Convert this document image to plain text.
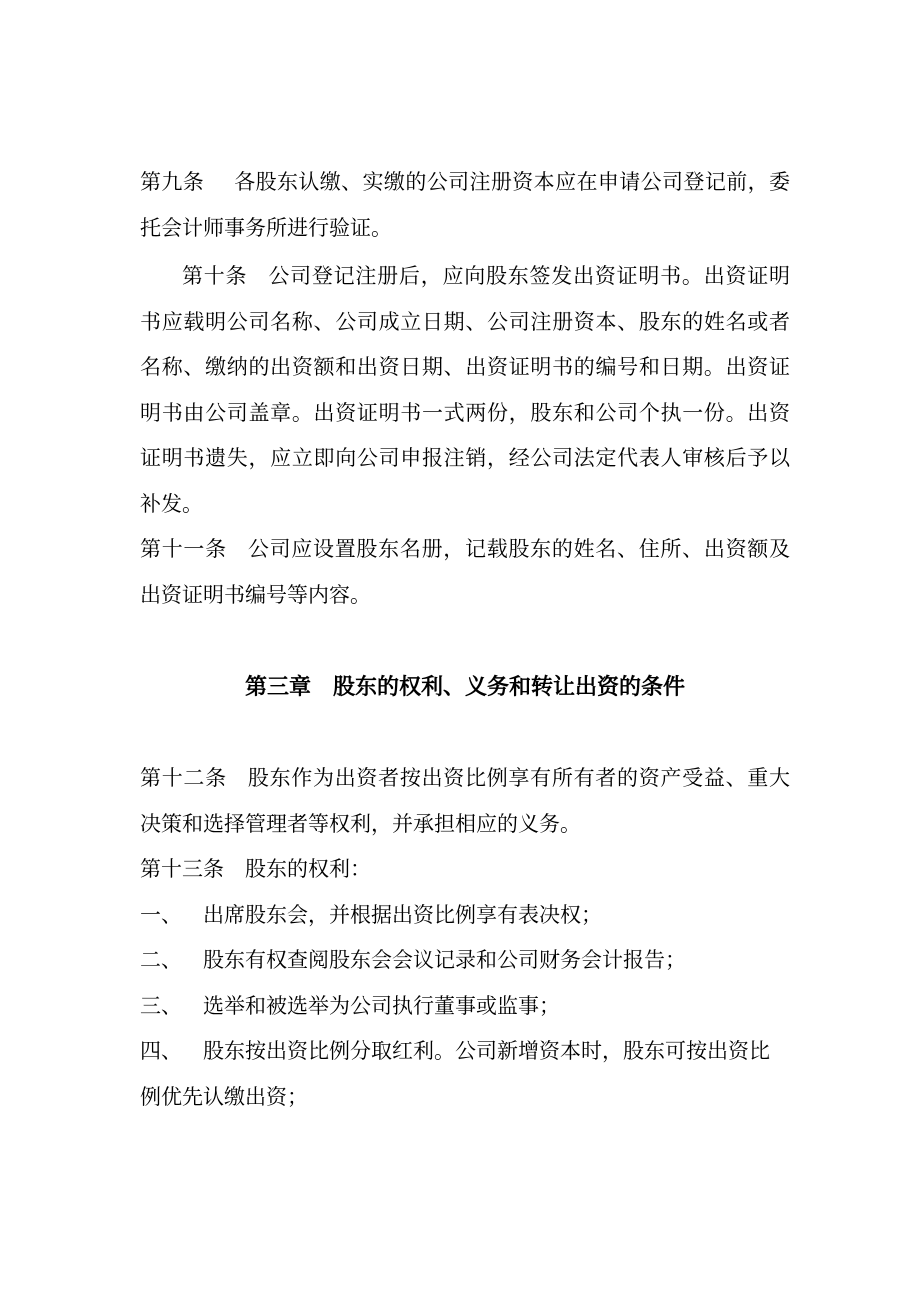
第九条 各股东认缴、实缴的公司注册资本应在申请公司登记前，委托会计师事务所进行验证。

第十条 公司登记注册后，应向股东签发出资证明书。出资证明书应载明公司名称、公司成立日期、公司注册资本、股东的姓名或者名称、缴纳的出资额和出资日期、出资证明书的编号和日期。出资证明书由公司盖章。出资证明书一式两份，股东和公司个执一份。出资证明书遗失，应立即向公司申报注销，经公司法定代表人审核后予以补发。

第十一条 公司应设置股东名册，记载股东的姓名、住所、出资额及出资证明书编号等内容。

第三章　股东的权利、义务和转让出资的条件

第十二条 股东作为出资者按出资比例享有所有者的资产受益、重大决策和选择管理者等权利，并承担相应的义务。

第十三条 股东的权利：

一、	出席股东会，并根据出资比例享有表决权；
二、	股东有权查阅股东会会议记录和公司财务会计报告；
三、	选举和被选举为公司执行董事或监事；
四、 股东按出资比例分取红利。公司新增资本时，股东可按出资比例优先认缴出资；
